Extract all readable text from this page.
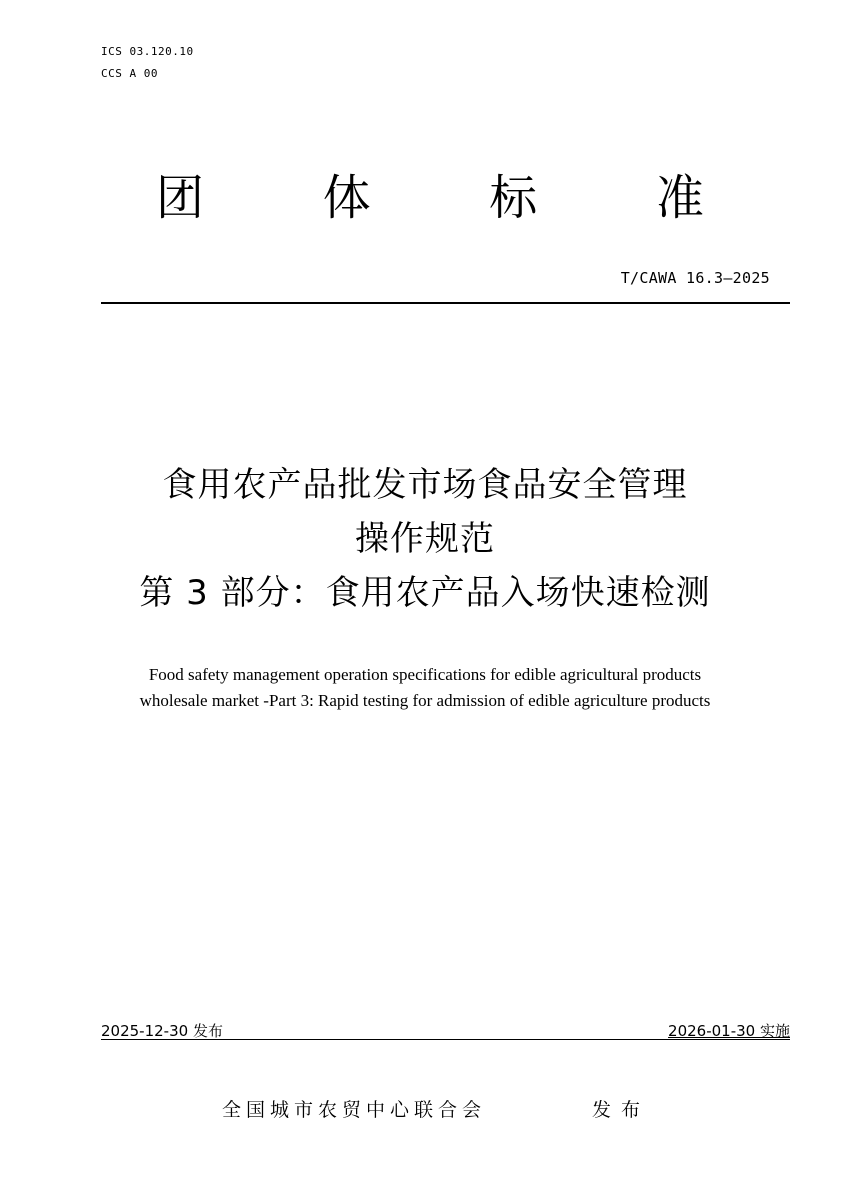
ICS 03.120.10
CCS A 00
团 体 标 准
T/CAWA 16.3—2025
食用农产品批发市场食品安全管理
操作规范
第 3 部分：食用农产品入场快速检测
Food safety management operation specifications for edible agricultural products
wholesale market -Part 3: Rapid testing for admission of edible agriculture products
2025-12-30 发布	2026-01-30 实施
全国城市农贸中心联合会	发布
